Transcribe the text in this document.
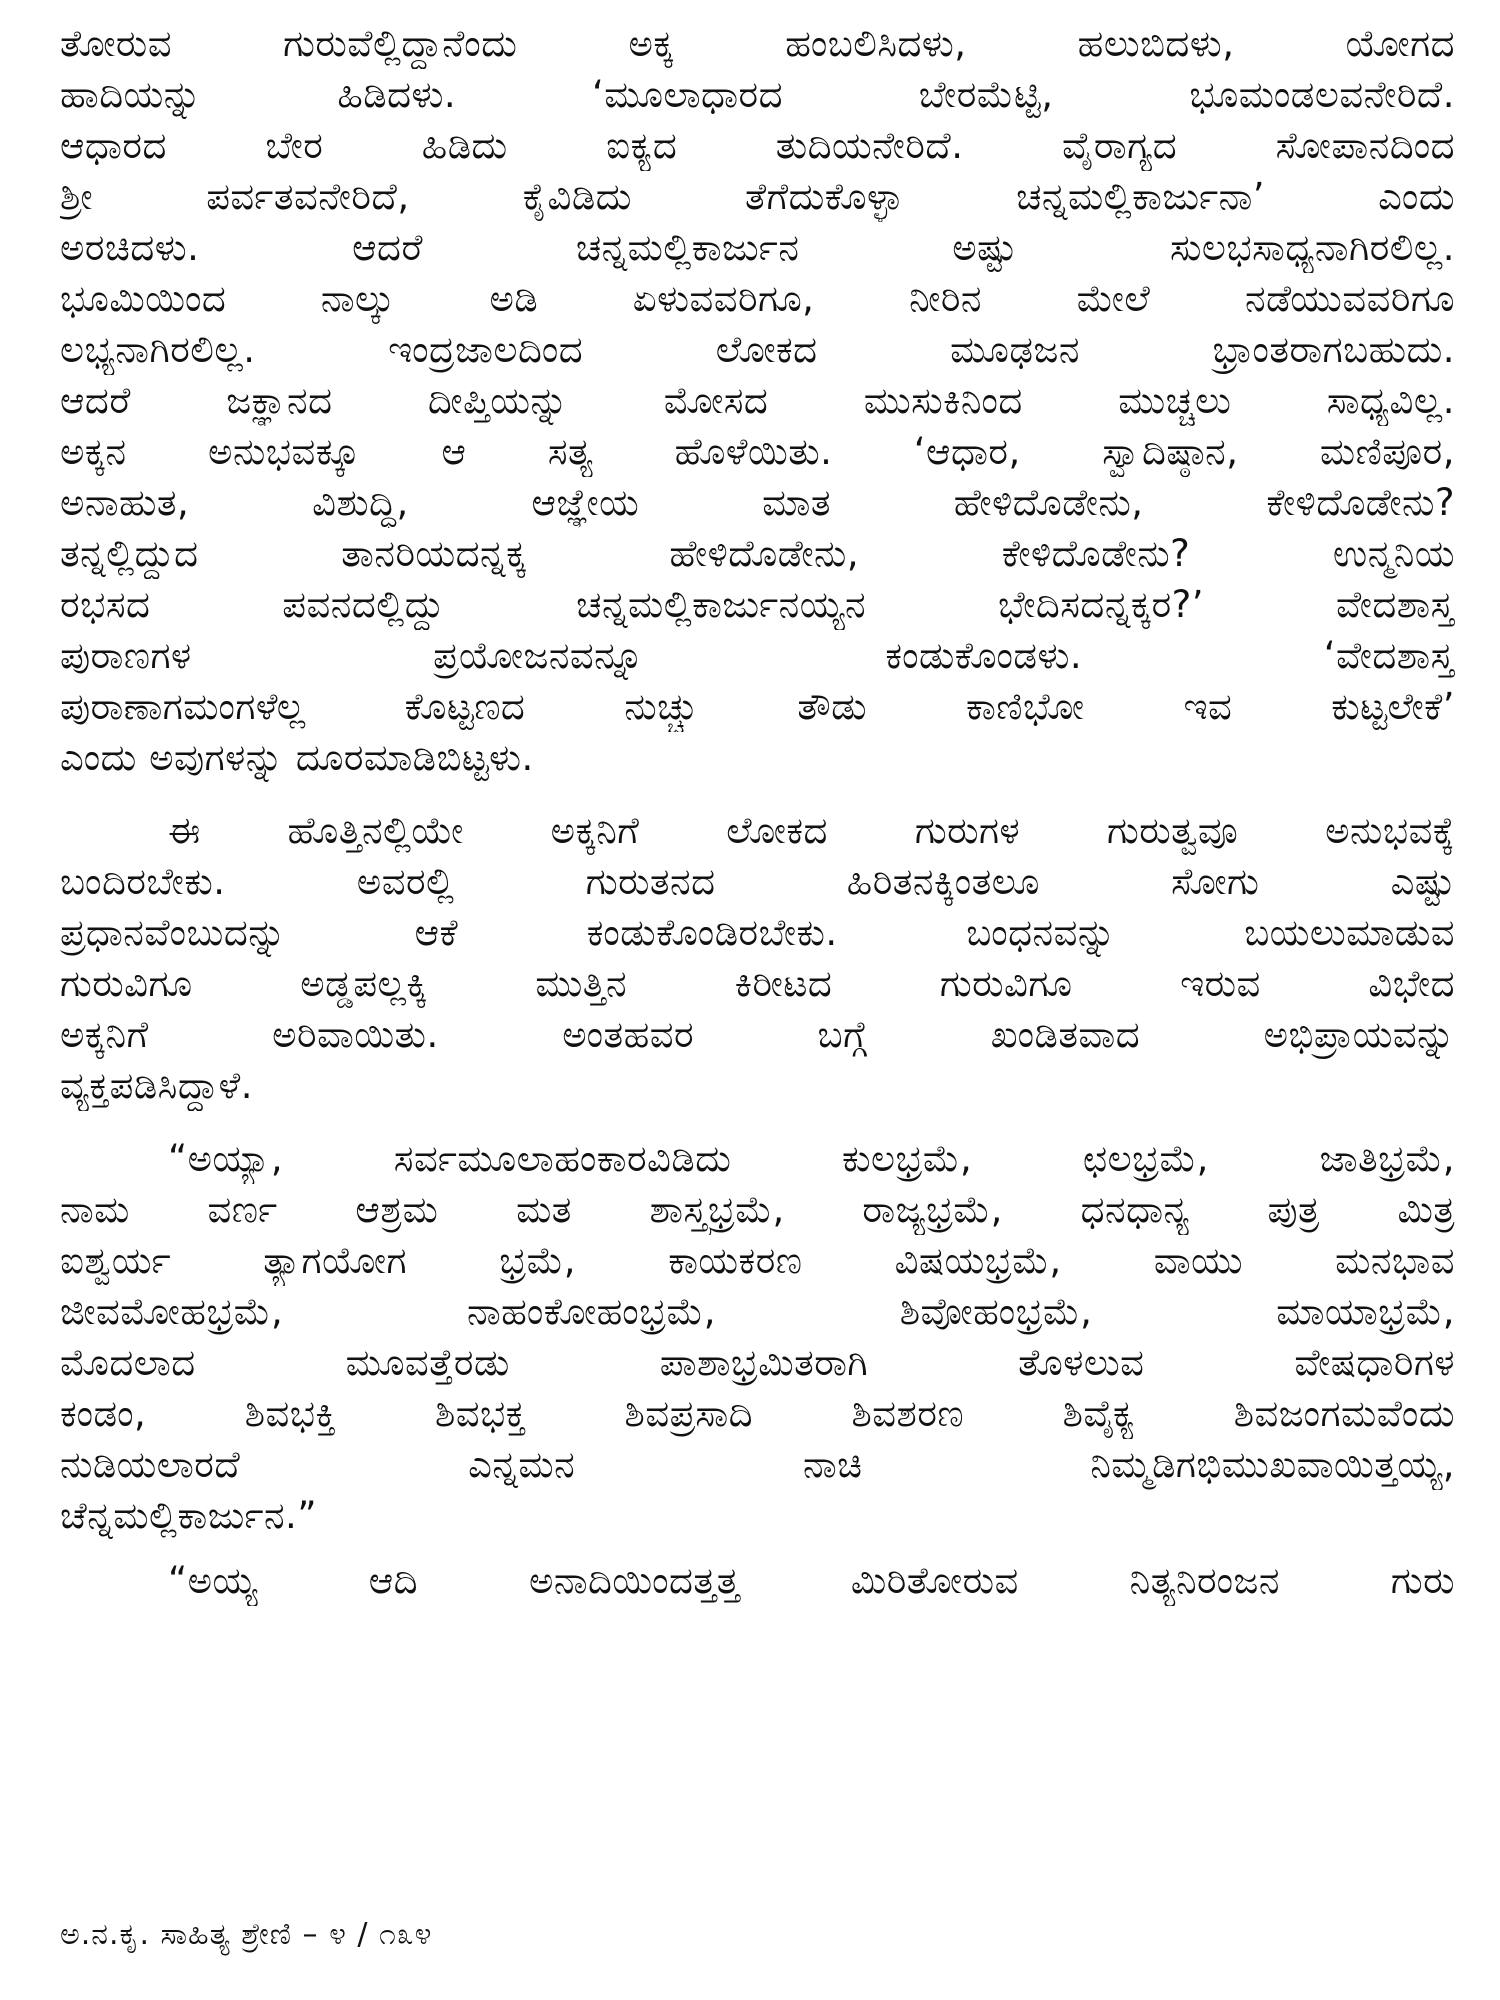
ತೋರುವ ಗುರುವೆಲ್ಲಿದ್ದಾನೆಂದು ಅಕ್ಕ ಹಂಬಲಿಸಿದಳು, ಹಲುಬಿದಳು, ಯೋಗದ
ಹಾದಿಯನ್ನು ಹಿಡಿದಳು. ‘ಮೂಲಾಧಾರದ ಬೇರಮೆಟ್ಟಿ, ಭೂಮಂಡಲವನೇರಿದೆ.
ಆಧಾರದ ಬೇರ ಹಿಡಿದು ಐಕ್ಯದ ತುದಿಯನೇರಿದೆ. ವೈರಾಗ್ಯದ ಸೋಪಾನದಿಂದ
ಶ್ರೀ ಪರ್ವತವನೇರಿದೆ, ಕೈವಿಡಿದು ತೆಗೆದುಕೊಳ್ಳಾ ಚನ್ನಮಲ್ಲಿಕಾರ್ಜುನಾ’ ಎಂದು
ಅರಚಿದಳು. ಆದರೆ ಚನ್ನಮಲ್ಲಿಕಾರ್ಜುನ ಅಷ್ಟು ಸುಲಭಸಾಧ್ಯನಾಗಿರಲಿಲ್ಲ.
ಭೂಮಿಯಿಂದ ನಾಲ್ಕು ಅಡಿ ಏಳುವವರಿಗೂ, ನೀರಿನ ಮೇಲೆ ನಡೆಯುವವರಿಗೂ
ಲಭ್ಯನಾಗಿರಲಿಲ್ಲ. ಇಂದ್ರಜಾಲದಿಂದ ಲೋಕದ ಮೂಢಜನ ಭ್ರಾಂತರಾಗಬಹುದು.
ಆದರೆ ಜಕ್ಞಾನದ ದೀಪ್ತಿಯನ್ನು ಮೋಸದ ಮುಸುಕಿನಿಂದ ಮುಚ್ಚಲು ಸಾಧ್ಯವಿಲ್ಲ.
ಅಕ್ಕನ ಅನುಭವಕ್ಕೂ ಆ ಸತ್ಯ ಹೊಳೆಯಿತು. ‘ಆಧಾರ, ಸ್ವಾದಿಷ್ಠಾನ, ಮಣಿಪೂರ,
ಅನಾಹುತ, ವಿಶುದ್ಧಿ, ಆಜ್ಞೇಯ ಮಾತ ಹೇಳಿದೊಡೇನು, ಕೇಳಿದೊಡೇನು?
ತನ್ನಲ್ಲಿದ್ದುದ ತಾನರಿಯದನ್ನಕ್ಕ ಹೇಳಿದೊಡೇನು, ಕೇಳಿದೊಡೇನು? ಉನ್ಮನಿಯ
ರಭಸದ ಪವನದಲ್ಲಿದ್ದು ಚನ್ನಮಲ್ಲಿಕಾರ್ಜುನಯ್ಯನ ಭೇದಿಸದನ್ನಕ್ಕರ?’ ವೇದಶಾಸ್ತ್ರ
ಪುರಾಣಗಳ ಪ್ರಯೋಜನವನ್ನೂ ಕಂಡುಕೊಂಡಳು. ‘ವೇದಶಾಸ್ತ್ರ
ಪುರಾಣಾಗಮಂಗಳೆಲ್ಲ ಕೊಟ್ಟಣದ ನುಚ್ಚು ತೌಡು ಕಾಣಿಭೋ ಇವ ಕುಟ್ಟಲೇಕೆ’
ಎಂದು ಅವುಗಳನ್ನು ದೂರಮಾಡಿಬಿಟ್ಟಳು.
ಈ ಹೊತ್ತಿನಲ್ಲಿಯೇ ಅಕ್ಕನಿಗೆ ಲೋಕದ ಗುರುಗಳ ಗುರುತ್ವವೂ ಅನುಭವಕ್ಕೆ
ಬಂದಿರಬೇಕು. ಅವರಲ್ಲಿ ಗುರುತನದ ಹಿರಿತನಕ್ಕಿಂತಲೂ ಸೋಗು ಎಷ್ಟು
ಪ್ರಧಾನವೆಂಬುದನ್ನು ಆಕೆ ಕಂಡುಕೊಂಡಿರಬೇಕು. ಬಂಧನವನ್ನು ಬಯಲುಮಾಡುವ
ಗುರುವಿಗೂ ಅಡ್ಡಪಲ್ಲಕ್ಕಿ ಮುತ್ತಿನ ಕಿರೀಟದ ಗುರುವಿಗೂ ಇರುವ ವಿಭೇದ
ಅಕ್ಕನಿಗೆ ಅರಿವಾಯಿತು. ಅಂತಹವರ ಬಗ್ಗೆ ಖಂಡಿತವಾದ ಅಭಿಪ್ರಾಯವನ್ನು
ವ್ಯಕ್ತಪಡಿಸಿದ್ದಾಳೆ.
“ಅಯ್ಯಾ, ಸರ್ವಮೂಲಾಹಂಕಾರವಿಡಿದು ಕುಲಭ್ರಮೆ, ಛಲಭ್ರಮೆ, ಜಾತಿಭ್ರಮೆ,
ನಾಮ ವರ್ಣ ಆಶ್ರಮ ಮತ ಶಾಸ್ತ್ರಭ್ರಮೆ, ರಾಜ್ಯಭ್ರಮೆ, ಧನಧಾನ್ಯ ಪುತ್ರ ಮಿತ್ರ
ಐಶ್ವರ್ಯ ತ್ಯಾಗಯೋಗ ಭ್ರಮೆ, ಕಾಯಕರಣ ವಿಷಯಭ್ರಮೆ, ವಾಯು ಮನಭಾವ
ಜೀವಮೋಹಭ್ರಮೆ, ನಾಹಂಕೋಹಂಭ್ರಮೆ, ಶಿವೋಹಂಭ್ರಮೆ, ಮಾಯಾಭ್ರಮೆ,
ಮೊದಲಾದ ಮೂವತ್ತೆರಡು ಪಾಶಾಭ್ರಮಿತರಾಗಿ ತೊಳಲುವ ವೇಷಧಾರಿಗಳ
ಕಂಡಂ, ಶಿವಭಕ್ತಿ ಶಿವಭಕ್ತ ಶಿವಪ್ರಸಾದಿ ಶಿವಶರಣ ಶಿವೈಕ್ಯ ಶಿವಜಂಗಮವೆಂದು
ನುಡಿಯಲಾರದೆ ಎನ್ನಮನ ನಾಚಿ ನಿಮ್ಮಡಿಗಭಿಮುಖವಾಯಿತ್ತಯ್ಯ,
ಚೆನ್ನಮಲ್ಲಿಕಾರ್ಜುನ.”
“ಅಯ್ಯ ಆದಿ ಅನಾದಿಯಿಂದತ್ತತ್ತ ಮಿರಿತೋರುವ ನಿತ್ಯನಿರಂಜನ ಗುರು
ಅ.ನ.ಕೃ. ಸಾಹಿತ್ಯ ಶ್ರೇಣಿ – ೪ / ೧೩೪
